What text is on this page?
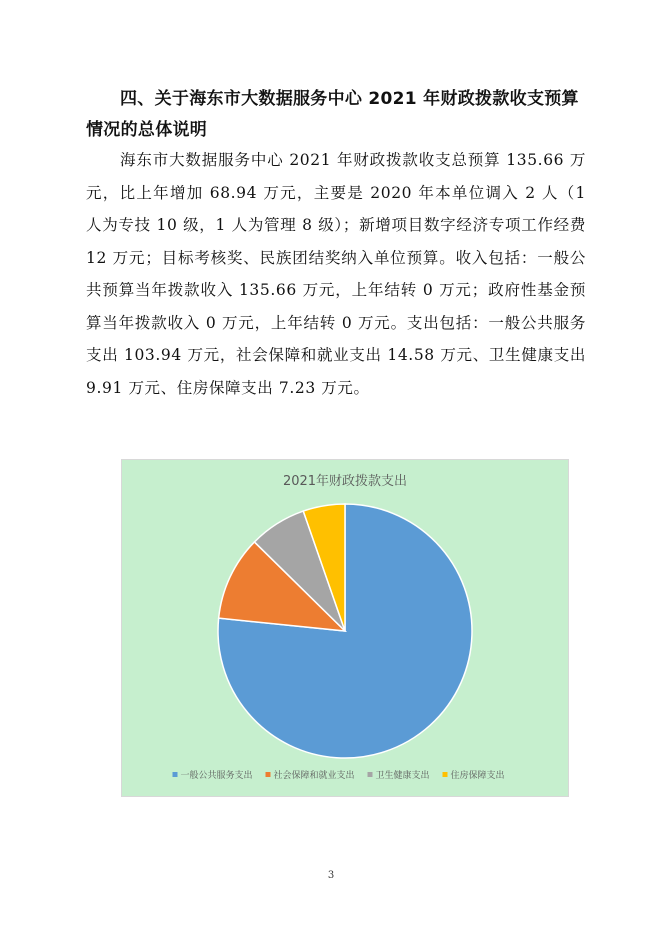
四、关于海东市大数据服务中心 2021 年财政拨款收支预算情况的总体说明

海东市大数据服务中心 2021 年财政拨款收支总预算 135.66 万元，比上年增加 68.94 万元，主要是 2020 年本单位调入 2 人（1 人为专技 10 级，1 人为管理 8 级）；新增项目数字经济专项工作经费 12 万元；目标考核奖、民族团结奖纳入单位预算。收入包括：一般公共预算当年拨款收入 135.66 万元，上年结转 0 万元；政府性基金预算当年拨款收入 0 万元，上年结转 0 万元。支出包括：一般公共服务支出 103.94 万元，社会保障和就业支出 14.58 万元、卫生健康支出 9.91 万元、住房保障支出 7.23 万元。

2021年财政拨款支出
一般公共服务支出 社会保障和就业支出 卫生健康支出 住房保障支出
3
